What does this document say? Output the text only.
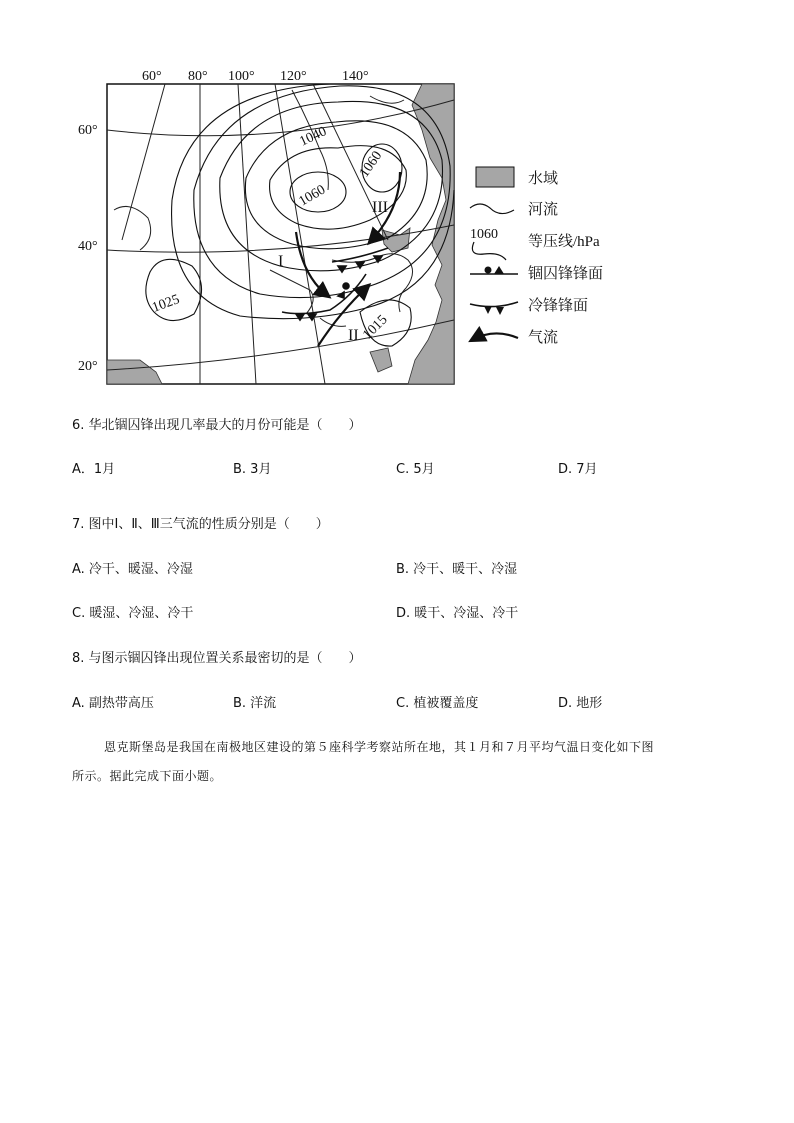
1040
1060
1060
1025
1015
I
II
III
60° 80° 100° 120°	140°
60°
40°
20°
水域
河流
1060 等压线/hPa
锢囚锋锋面
冷锋锋面
气流
6. 华北锢囚锋出现几率最大的月份可能是（　　）
A．1月	B. 3月	C. 5月	D. 7月
7. 图中Ⅰ、Ⅱ、Ⅲ三气流的性质分别是（　　）
A. 冷干、暖湿、冷湿	B. 冷干、暖干、冷湿
C. 暖湿、冷湿、冷干	D. 暖干、冷湿、冷干
8. 与图示锢囚锋出现位置关系最密切的是（　　）
A. 副热带高压	B. 洋流	C. 植被覆盖度	D. 地形
恩克斯堡岛是我国在南极地区建设的第５座科学考察站所在地，其１月和７月平均气温日变化如下图
所示。据此完成下面小题。
